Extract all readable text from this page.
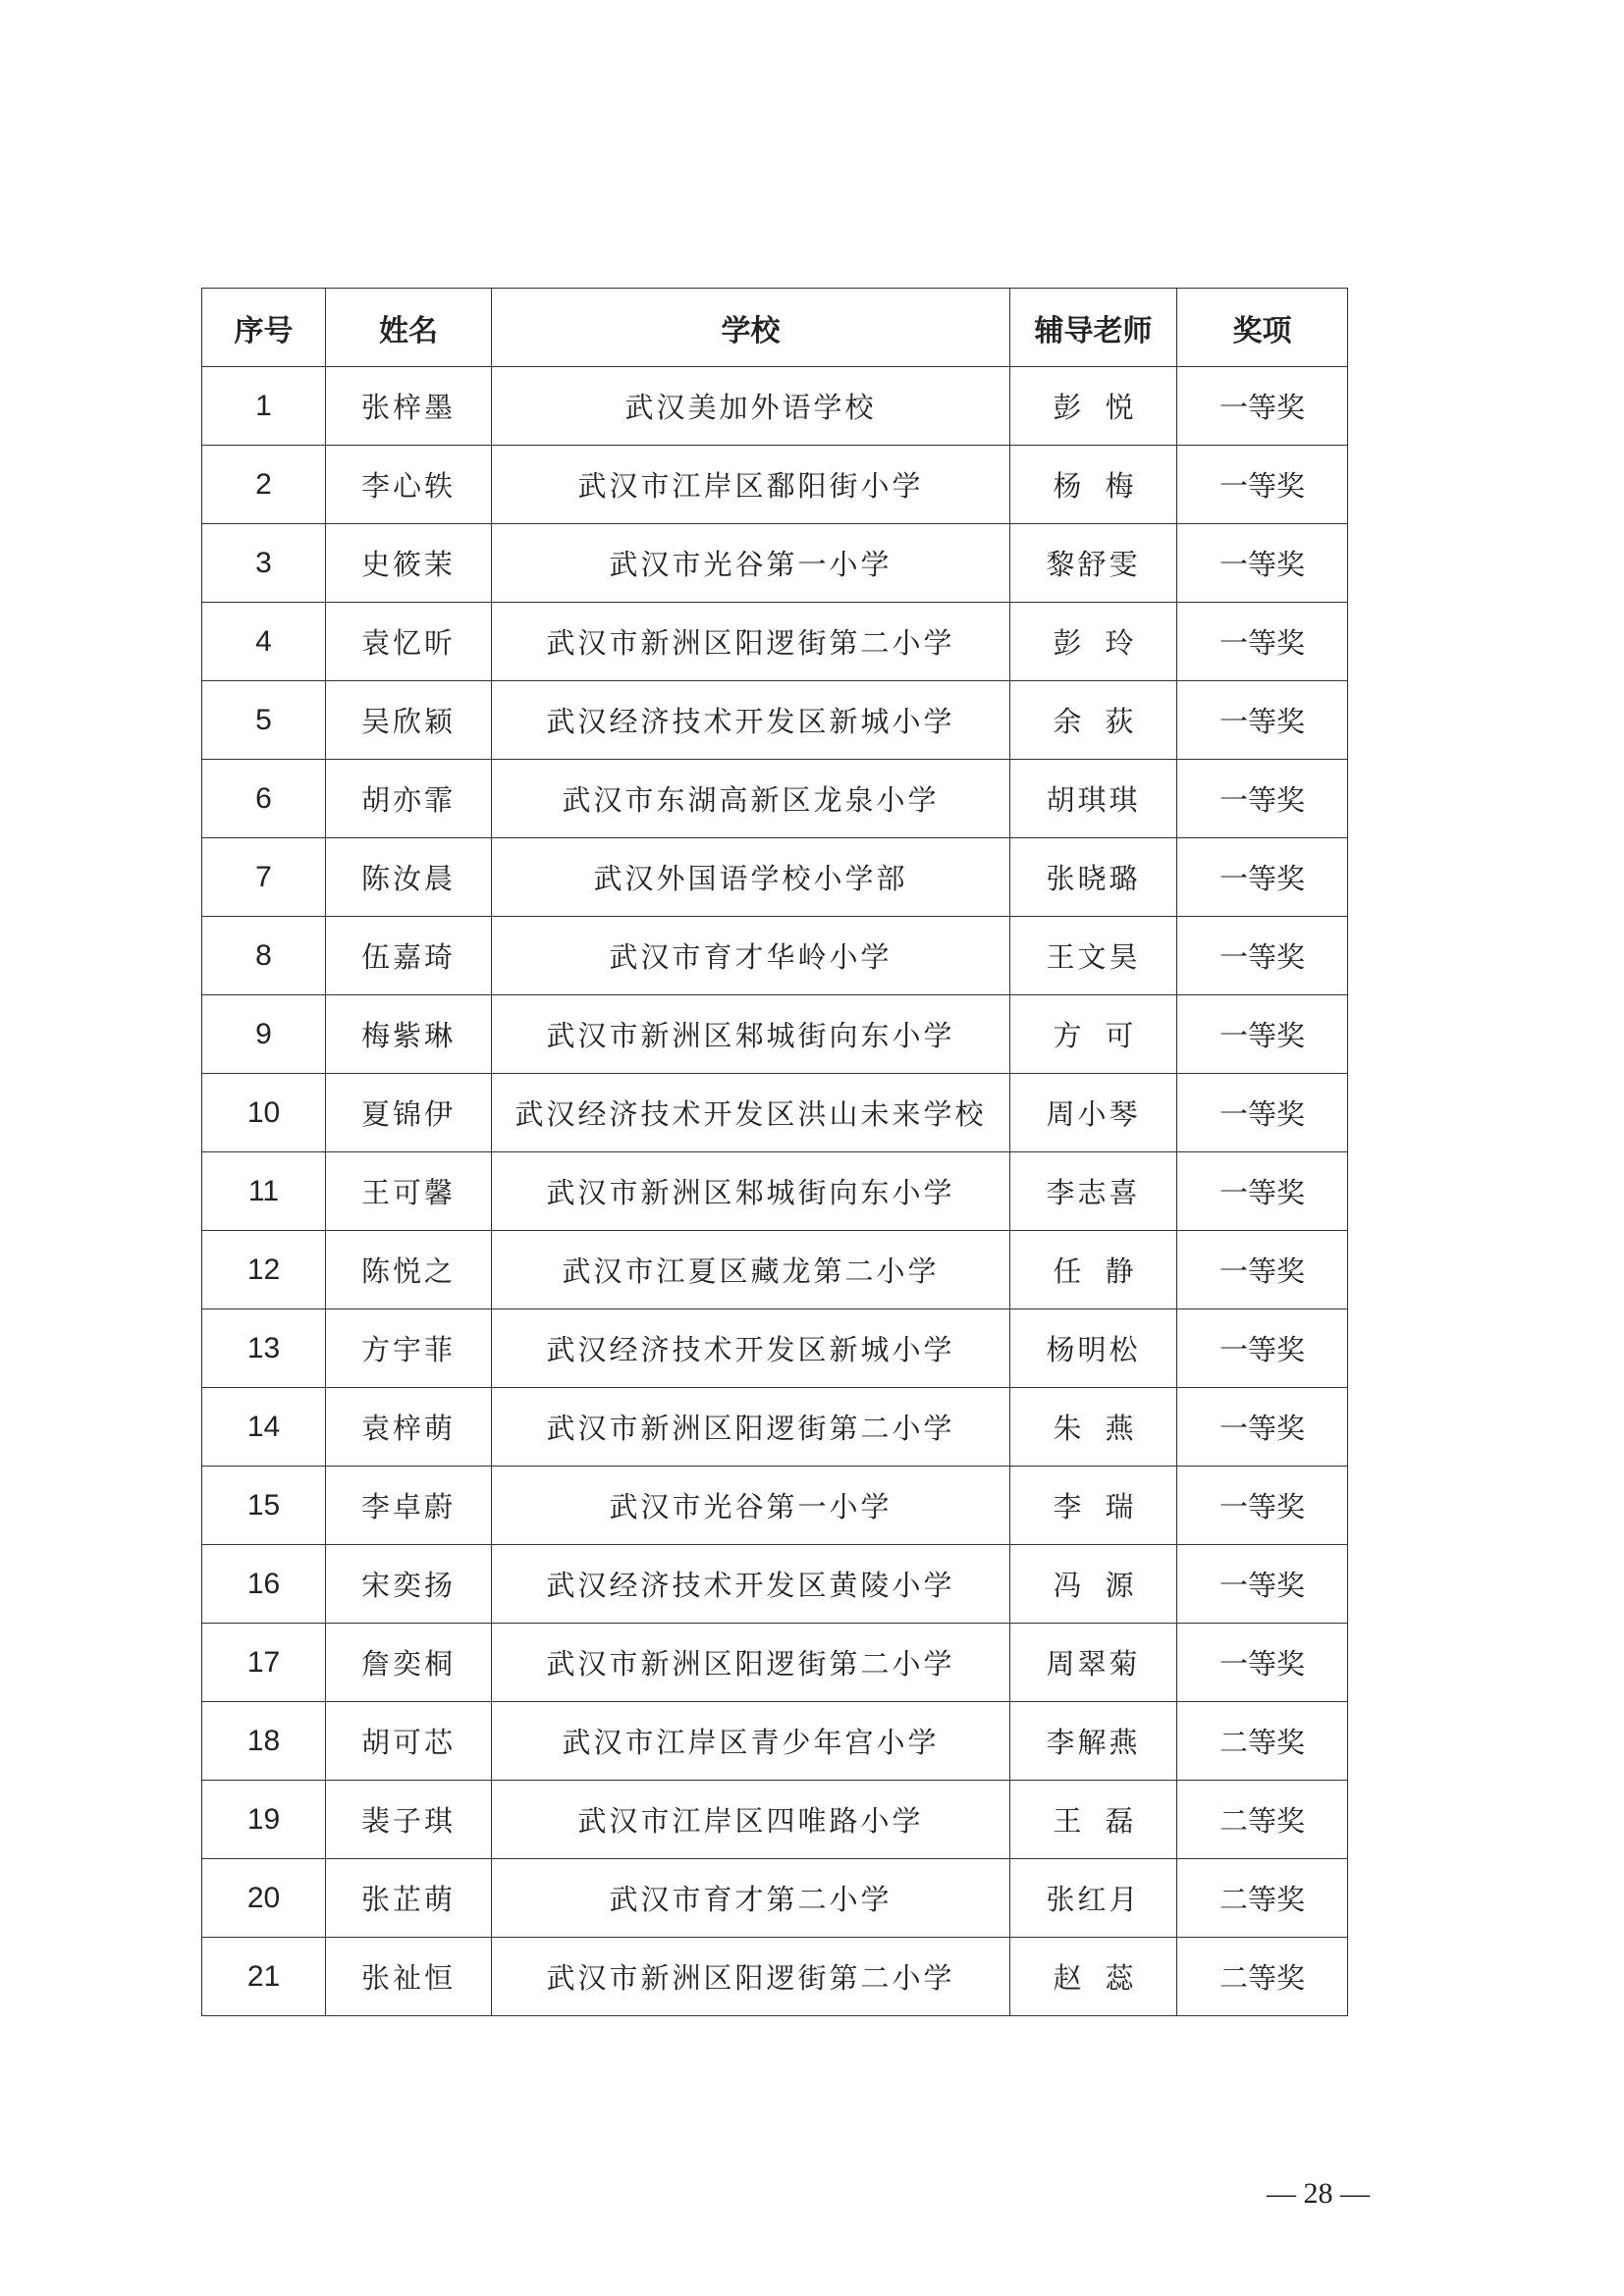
序号	姓名	学校	辅导老师	奖项
1	张梓墨	武汉美加外语学校	彭悦	一等奖
2	李心轶	武汉市江岸区鄱阳街小学	杨梅	一等奖
3	史筱茉	武汉市光谷第一小学	黎舒雯	一等奖
4	袁忆昕	武汉市新洲区阳逻街第二小学	彭玲	一等奖
5	吴欣颖	武汉经济技术开发区新城小学	余荻	一等奖
6	胡亦霏	武汉市东湖高新区龙泉小学	胡琪琪	一等奖
7	陈汝晨	武汉外国语学校小学部	张晓璐	一等奖
8	伍嘉琦	武汉市育才华岭小学	王文昊	一等奖
9	梅紫琳	武汉市新洲区邾城街向东小学	方可	一等奖
10	夏锦伊	武汉经济技术开发区洪山未来学校	周小琴	一等奖
11	王可馨	武汉市新洲区邾城街向东小学	李志喜	一等奖
12	陈悦之	武汉市江夏区藏龙第二小学	任静	一等奖
13	方宇菲	武汉经济技术开发区新城小学	杨明松	一等奖
14	袁梓萌	武汉市新洲区阳逻街第二小学	朱燕	一等奖
15	李卓蔚	武汉市光谷第一小学	李瑞	一等奖
16	宋奕扬	武汉经济技术开发区黄陵小学	冯源	一等奖
17	詹奕桐	武汉市新洲区阳逻街第二小学	周翠菊	一等奖
18	胡可芯	武汉市江岸区青少年宫小学	李解燕	二等奖
19	裴子琪	武汉市江岸区四唯路小学	王磊	二等奖
20	张芷萌	武汉市育才第二小学	张红月	二等奖
21	张祉恒	武汉市新洲区阳逻街第二小学	赵蕊	二等奖
— 28 —
